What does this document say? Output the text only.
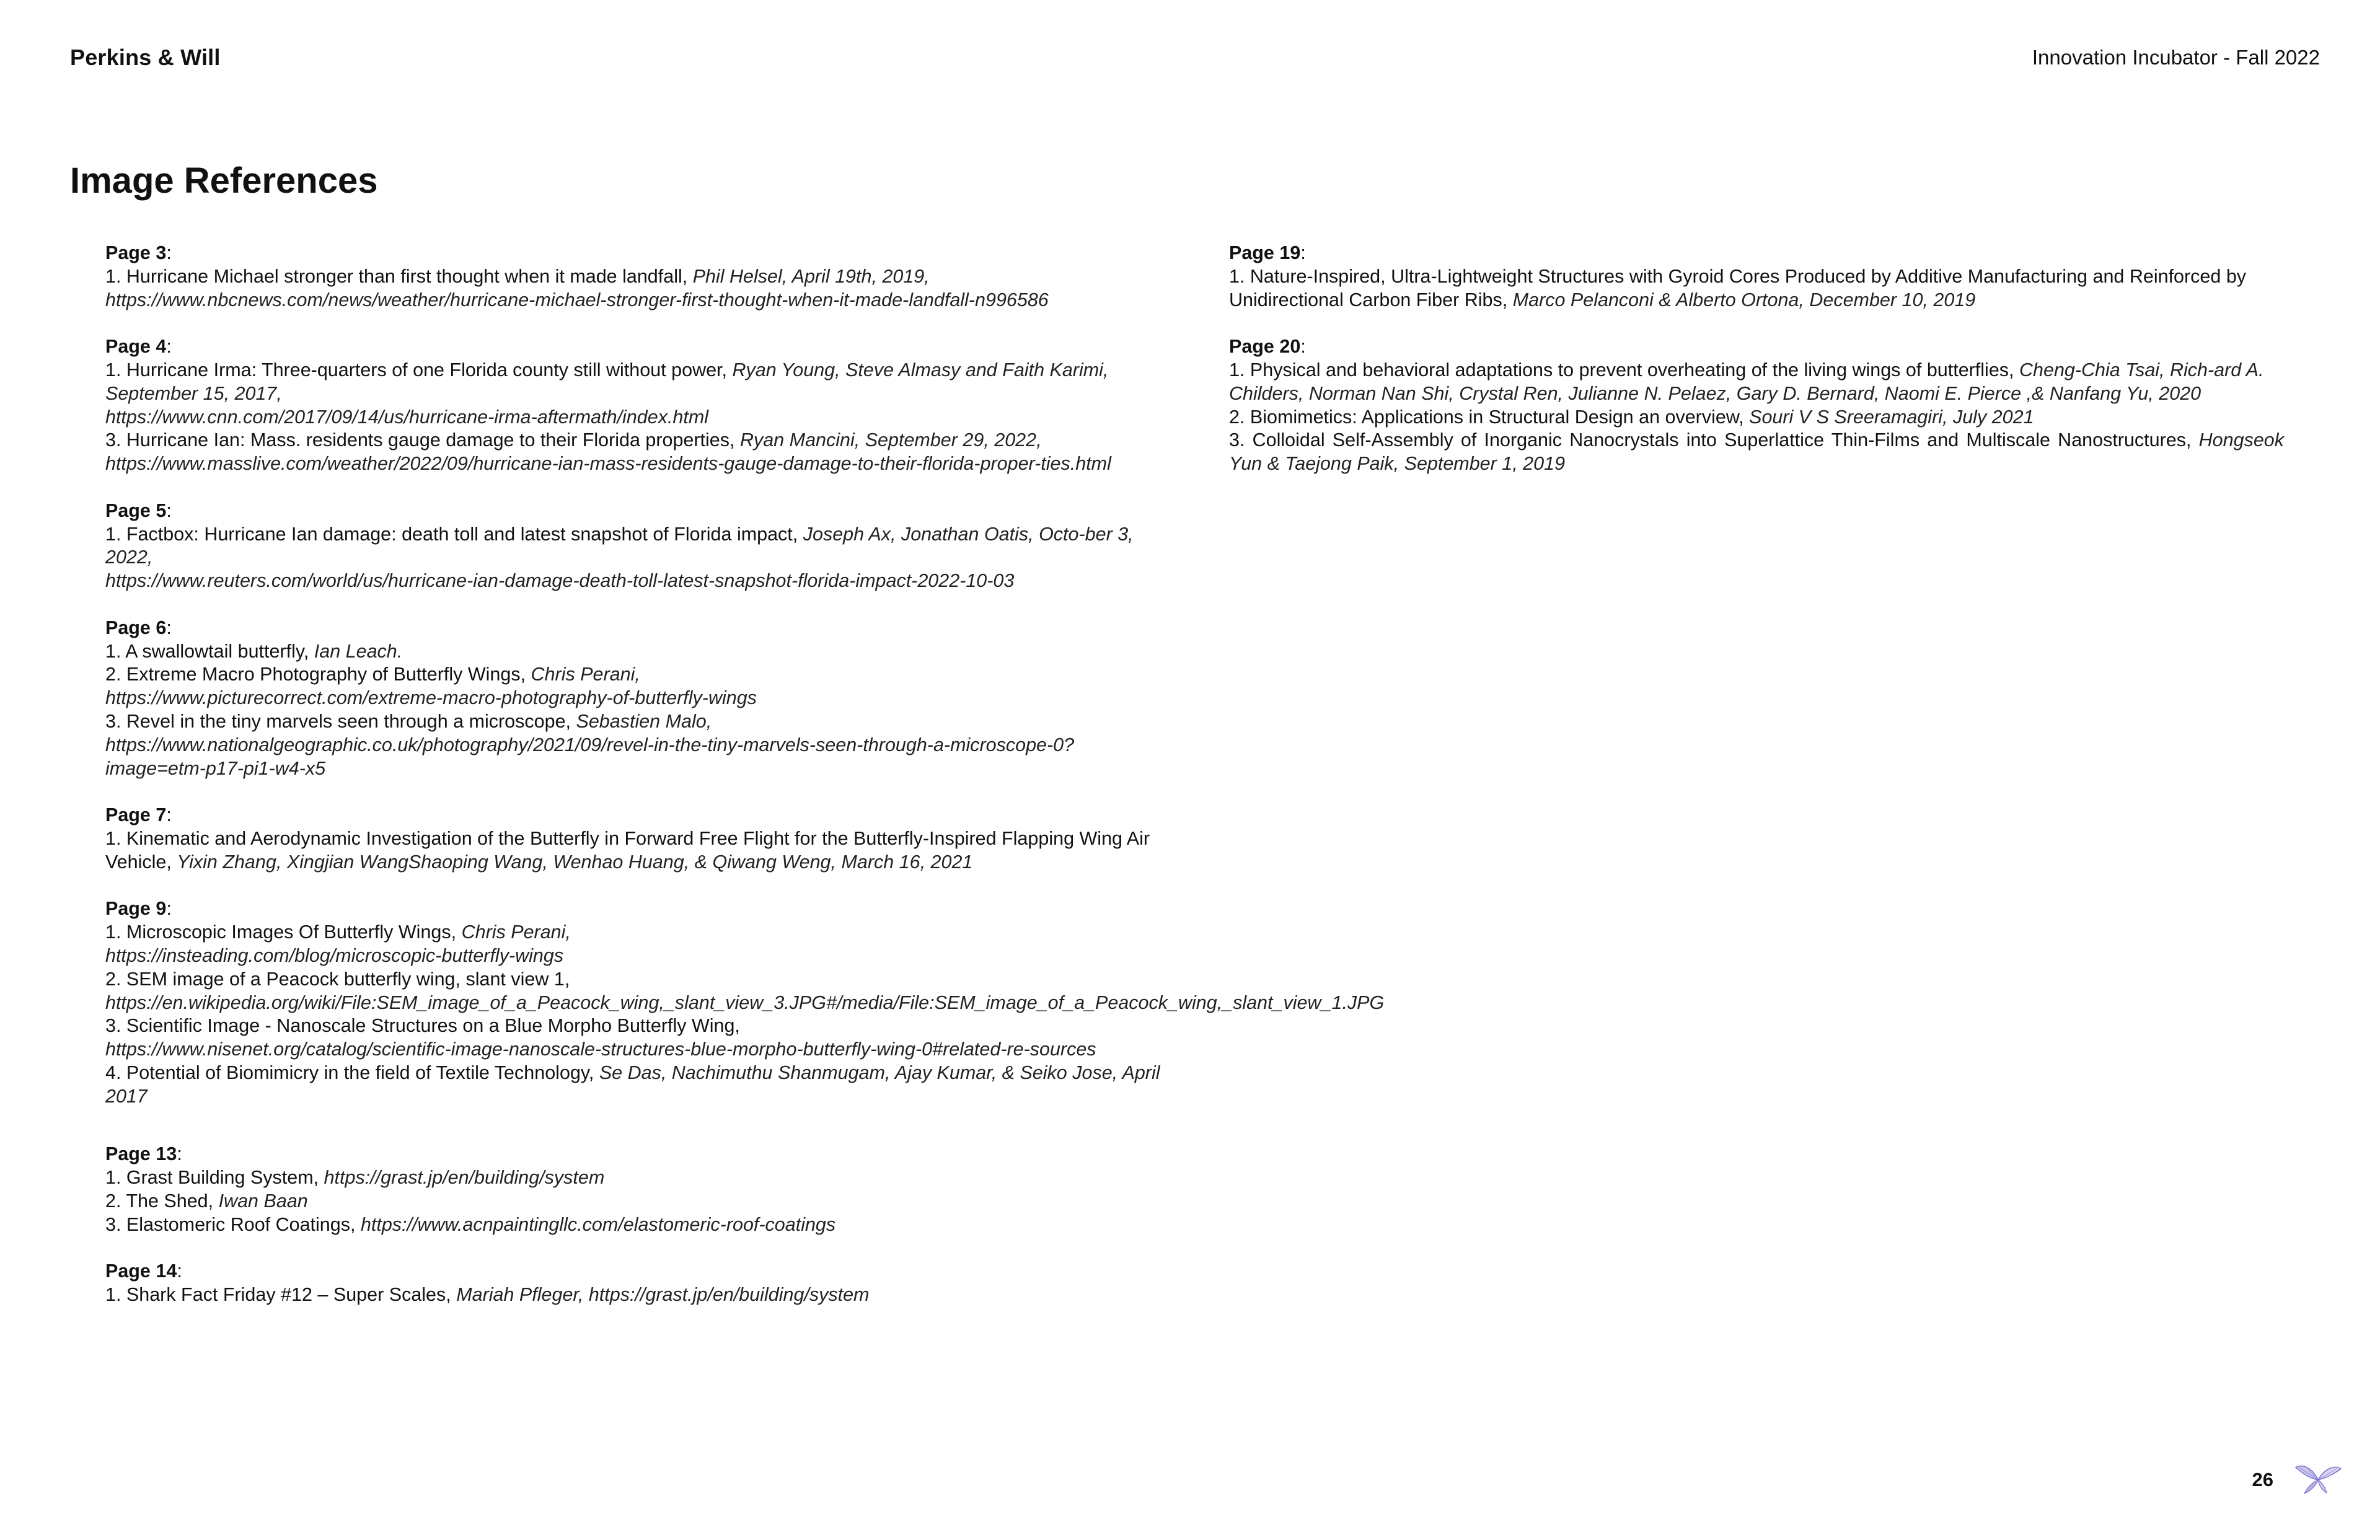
Perkins & Will	Innovation Incubator - Fall 2022
Image References
Page 3:
1. Hurricane Michael stronger than first thought when it made landfall, Phil Helsel, April 19th, 2019,
https://www.nbcnews.com/news/weather/hurricane-michael-stronger-first-thought-when-it-made-landfall-n996586
Page 4:
1. Hurricane Irma: Three-quarters of one Florida county still without power, Ryan Young, Steve Almasy and Faith Karimi, September 15, 2017,
https://www.cnn.com/2017/09/14/us/hurricane-irma-aftermath/index.html
3. Hurricane Ian: Mass. residents gauge damage to their Florida properties, Ryan Mancini, September 29, 2022,
https://www.masslive.com/weather/2022/09/hurricane-ian-mass-residents-gauge-damage-to-their-florida-proper-ties.html
Page 5:
1. Factbox: Hurricane Ian damage: death toll and latest snapshot of Florida impact, Joseph Ax, Jonathan Oatis, Octo-ber 3, 2022,
https://www.reuters.com/world/us/hurricane-ian-damage-death-toll-latest-snapshot-florida-impact-2022-10-03
Page 6:
1. A swallowtail butterfly, Ian Leach.
2. Extreme Macro Photography of Butterfly Wings, Chris Perani,
https://www.picturecorrect.com/extreme-macro-photography-of-butterfly-wings
3. Revel in the tiny marvels seen through a microscope, Sebastien Malo,
https://www.nationalgeographic.co.uk/photography/2021/09/revel-in-the-tiny-marvels-seen-through-a-microscope-0?image=etm-p17-pi1-w4-x5
Page 7:
1. Kinematic and Aerodynamic Investigation of the Butterfly in Forward Free Flight for the Butterfly-Inspired Flapping Wing Air Vehicle, Yixin Zhang, Xingjian WangShaoping Wang, Wenhao Huang, & Qiwang Weng, March 16, 2021
Page 9:
1. Microscopic Images Of Butterfly Wings, Chris Perani,
https://insteading.com/blog/microscopic-butterfly-wings
2. SEM image of a Peacock butterfly wing, slant view 1,
https://en.wikipedia.org/wiki/File:SEM_image_of_a_Peacock_wing,_slant_view_3.JPG#/media/File:SEM_image_of_a_Peacock_wing,_slant_view_1.JPG
3. Scientific Image - Nanoscale Structures on a Blue Morpho Butterfly Wing,
https://www.nisenet.org/catalog/scientific-image-nanoscale-structures-blue-morpho-butterfly-wing-0#related-re-sources
4. Potential of Biomimicry in the field of Textile Technology, Se Das, Nachimuthu Shanmugam, Ajay Kumar, & Seiko Jose, April 2017
Page 13:
1. Grast Building System, https://grast.jp/en/building/system
2. The Shed, Iwan Baan
3. Elastomeric Roof Coatings, https://www.acnpaintingllc.com/elastomeric-roof-coatings
Page 14:
1. Shark Fact Friday #12 – Super Scales, Mariah Pfleger, https://grast.jp/en/building/system
Page 19:
1. Nature-Inspired, Ultra-Lightweight Structures with Gyroid Cores Produced by Additive Manufacturing and Reinforced by Unidirectional Carbon Fiber Ribs, Marco Pelanconi & Alberto Ortona, December 10, 2019
Page 20:
1. Physical and behavioral adaptations to prevent overheating of the living wings of butterflies, Cheng-Chia Tsai, Rich-ard A. Childers, Norman Nan Shi, Crystal Ren, Julianne N. Pelaez, Gary D. Bernard, Naomi E. Pierce ,& Nanfang Yu, 2020
2. Biomimetics: Applications in Structural Design an overview, Souri V S Sreeramagiri, July 2021
3. Colloidal Self-Assembly of Inorganic Nanocrystals into Superlattice Thin-Films and Multiscale Nanostructures, Hongseok Yun & Taejong Paik, September 1, 2019
26
